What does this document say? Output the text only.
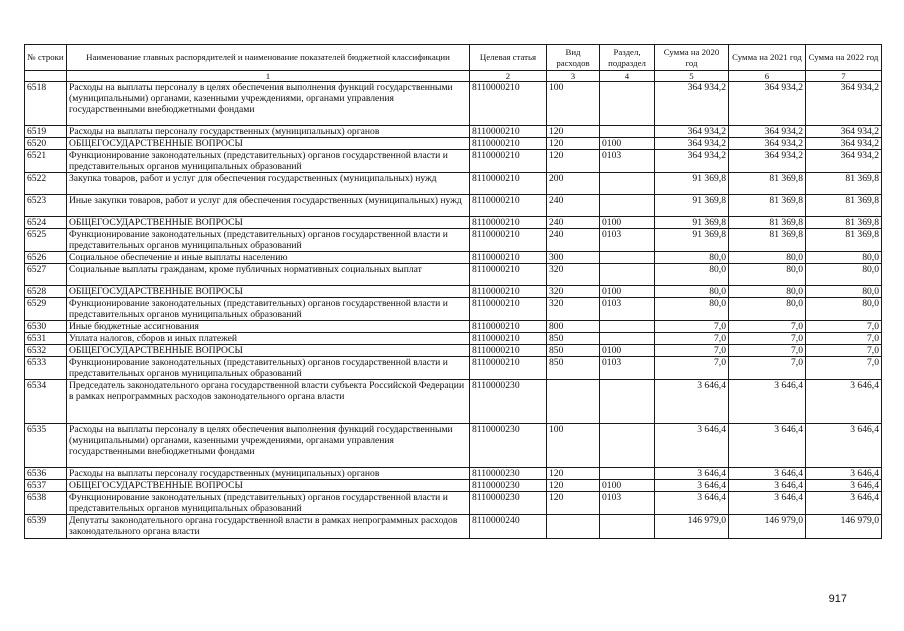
№ строки	Наименование главных распорядителей и наименование показателей бюджетной классификации	Целевая статья	Вид расходов	Раздел, подраздел	Сумма на 2020 год	Сумма на 2021 год	Сумма на 2022 год
	1	2	3	4	5	6	7
6518	Расходы на выплаты персоналу в целях обеспечения выполнения функций государственными (муниципальными) органами, казенными учреждениями, органами управления государственными внебюджетными фондами	8110000210	100		364 934,2	364 934,2	364 934,2
6519	Расходы на выплаты персоналу государственных (муниципальных) органов	8110000210	120		364 934,2	364 934,2	364 934,2
6520	ОБЩЕГОСУДАРСТВЕННЫЕ ВОПРОСЫ	8110000210	120	0100	364 934,2	364 934,2	364 934,2
6521	Функционирование законодательных (представительных) органов государственной власти и представительных органов муниципальных образований	8110000210	120	0103	364 934,2	364 934,2	364 934,2
6522	Закупка товаров, работ и услуг для обеспечения государственных (муниципальных) нужд	8110000210	200		91 369,8	81 369,8	81 369,8
6523	Иные закупки товаров, работ и услуг для обеспечения государственных (муниципальных) нужд	8110000210	240		91 369,8	81 369,8	81 369,8
6524	ОБЩЕГОСУДАРСТВЕННЫЕ ВОПРОСЫ	8110000210	240	0100	91 369,8	81 369,8	81 369,8
6525	Функционирование законодательных (представительных) органов государственной власти и представительных органов муниципальных образований	8110000210	240	0103	91 369,8	81 369,8	81 369,8
6526	Социальное обеспечение и иные выплаты населению	8110000210	300		80,0	80,0	80,0
6527	Социальные выплаты гражданам, кроме публичных нормативных социальных выплат	8110000210	320		80,0	80,0	80,0
6528	ОБЩЕГОСУДАРСТВЕННЫЕ ВОПРОСЫ	8110000210	320	0100	80,0	80,0	80,0
6529	Функционирование законодательных (представительных) органов государственной власти и представительных органов муниципальных образований	8110000210	320	0103	80,0	80,0	80,0
6530	Иные бюджетные ассигнования	8110000210	800		7,0	7,0	7,0
6531	Уплата налогов, сборов и иных платежей	8110000210	850		7,0	7,0	7,0
6532	ОБЩЕГОСУДАРСТВЕННЫЕ ВОПРОСЫ	8110000210	850	0100	7,0	7,0	7,0
6533	Функционирование законодательных (представительных) органов государственной власти и представительных органов муниципальных образований	8110000210	850	0103	7,0	7,0	7,0
6534	Председатель законодательного органа государственной власти субъекта Российской Федерации в рамках непрограммных расходов законодательного органа власти	8110000230			3 646,4	3 646,4	3 646,4
6535	Расходы на выплаты персоналу в целях обеспечения выполнения функций государственными (муниципальными) органами, казенными учреждениями, органами управления государственными внебюджетными фондами	8110000230	100		3 646,4	3 646,4	3 646,4
6536	Расходы на выплаты персоналу государственных (муниципальных) органов	8110000230	120		3 646,4	3 646,4	3 646,4
6537	ОБЩЕГОСУДАРСТВЕННЫЕ ВОПРОСЫ	8110000230	120	0100	3 646,4	3 646,4	3 646,4
6538	Функционирование законодательных (представительных) органов государственной власти и представительных органов муниципальных образований	8110000230	120	0103	3 646,4	3 646,4	3 646,4
6539	Депутаты законодательного органа государственной власти в рамках непрограммных расходов законодательного органа власти	8110000240			146 979,0	146 979,0	146 979,0
917
